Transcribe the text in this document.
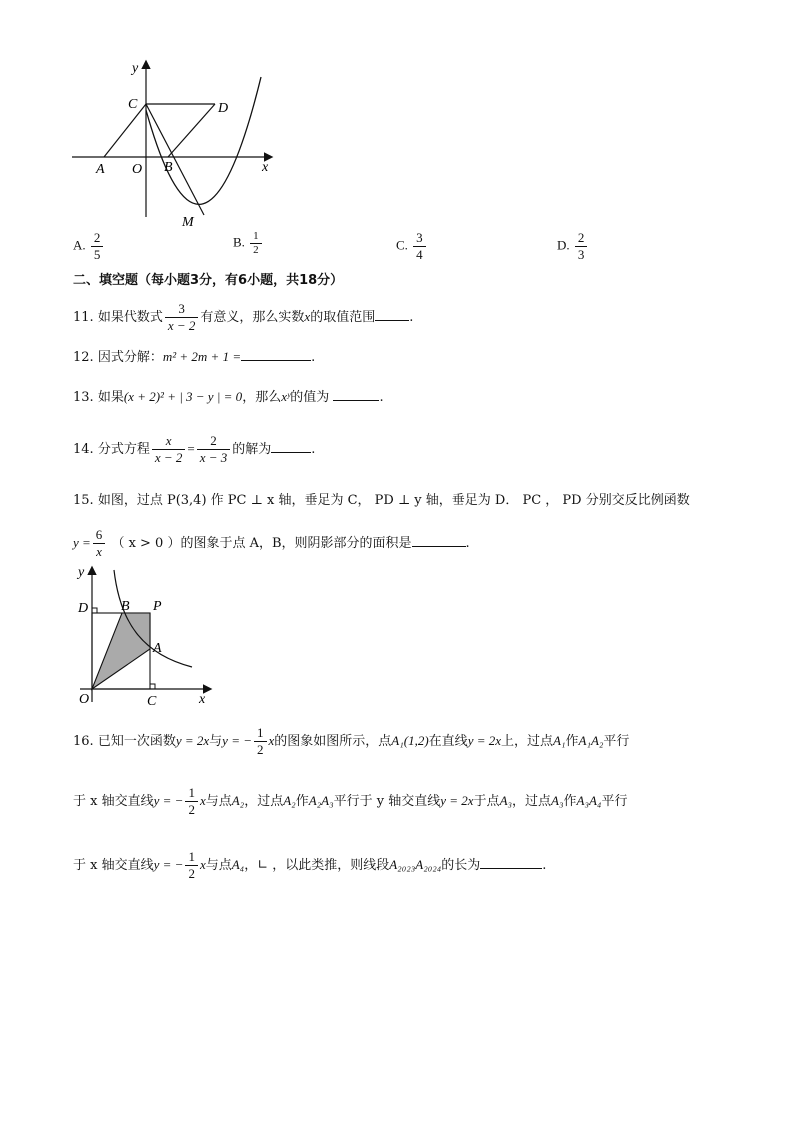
y
C	D
A O B	x
M
A. $\frac{2}{5}$	B. $\frac{1}{2}$	C. $\frac{3}{4}$	D. $\frac{2}{3}$
二、填空题（每小题3分，有6小题，共18分）
11. 如果代数式 $\frac{3}{x - 2}$ 有意义，那么实数x的取值范围	.
12. 因式分解：m² + 2m + 1 =	.
13. 如果(x + 2)² + | 3 − y | = 0，那么xʸ的值为	.
14. 分式方程 $\frac{x}{x - 2} = \frac{2}{x - 3}$ 的解为	.
15. 如图，过点 P(3,4) 作 PC ⊥ x 轴，垂足为 C， PD ⊥ y 轴，垂足为 D． PC ， PD 分别交反比例函数
$y = \frac{6}{x}$ （ x > 0 ）的图象于点 A，B，则阴影部分的面积是	.
y
D B P
A
O	C	x
16. 已知一次函数y = 2x与y = − $\frac{1}{2}$ x的图象如图所示，点A₁(1,2)在直线y = 2x上，过点A₁作A₁A₂平行
于 x 轴交直线y = − $\frac{1}{2}$ x与点A₂，过点A₂作A₂A₃平行于 y 轴交直线y = 2x于点A₃，过点A₃作A₃A₄平行
于 x 轴交直线y = − $\frac{1}{2}$ x与点A₄，∟ ，以此类推，则线段A₂₀₂₃A₂₀₂₄的长为	.
